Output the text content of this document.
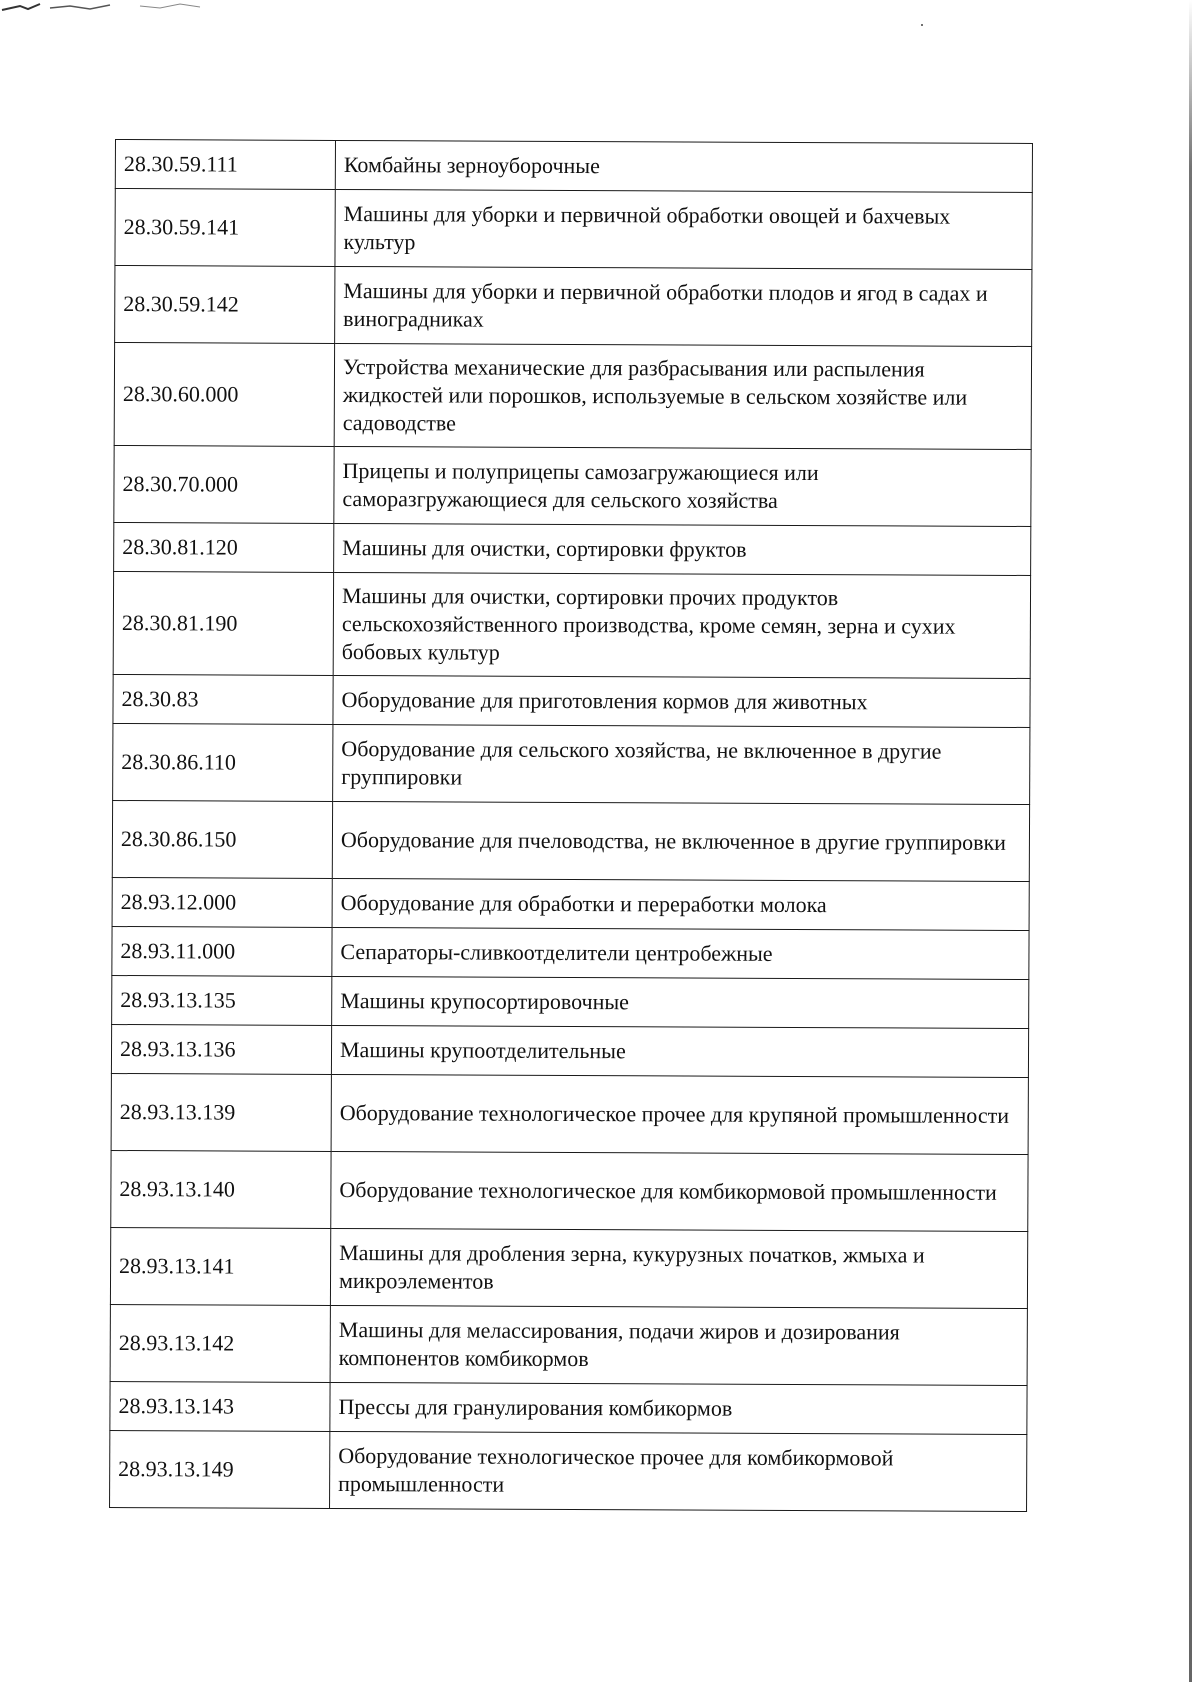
28.30.59.111	Комбайны зерноуборочные
28.30.59.141	Машины для уборки и первичной обработки овощей и бахчевых культур
28.30.59.142	Машины для уборки и первичной обработки плодов и ягод в садах и виноградниках
28.30.60.000	Устройства механические для разбрасывания или распыления жидкостей или порошков, используемые в сельском хозяйстве или садоводстве
28.30.70.000	Прицепы и полуприцепы самозагружающиеся или саморазгружающиеся для сельского хозяйства
28.30.81.120	Машины для очистки, сортировки фруктов
28.30.81.190	Машины для очистки, сортировки прочих продуктов сельскохозяйственного производства, кроме семян, зерна и сухих бобовых культур
28.30.83	Оборудование для приготовления кормов для животных
28.30.86.110	Оборудование для сельского хозяйства, не включенное в другие группировки
28.30.86.150	Оборудование для пчеловодства, не включенное в другие группировки
28.93.12.000	Оборудование для обработки и переработки молока
28.93.11.000	Сепараторы-сливкоотделители центробежные
28.93.13.135	Машины крупосортировочные
28.93.13.136	Машины крупоотделительные
28.93.13.139	Оборудование технологическое прочее для крупяной промышленности
28.93.13.140	Оборудование технологическое для комбикормовой промышленности
28.93.13.141	Машины для дробления зерна, кукурузных початков, жмыха и микроэлементов
28.93.13.142	Машины для мелассирования, подачи жиров и дозирования компонентов комбикормов
28.93.13.143	Прессы для гранулирования комбикормов
28.93.13.149	Оборудование технологическое прочее для комбикормовой промышленности
